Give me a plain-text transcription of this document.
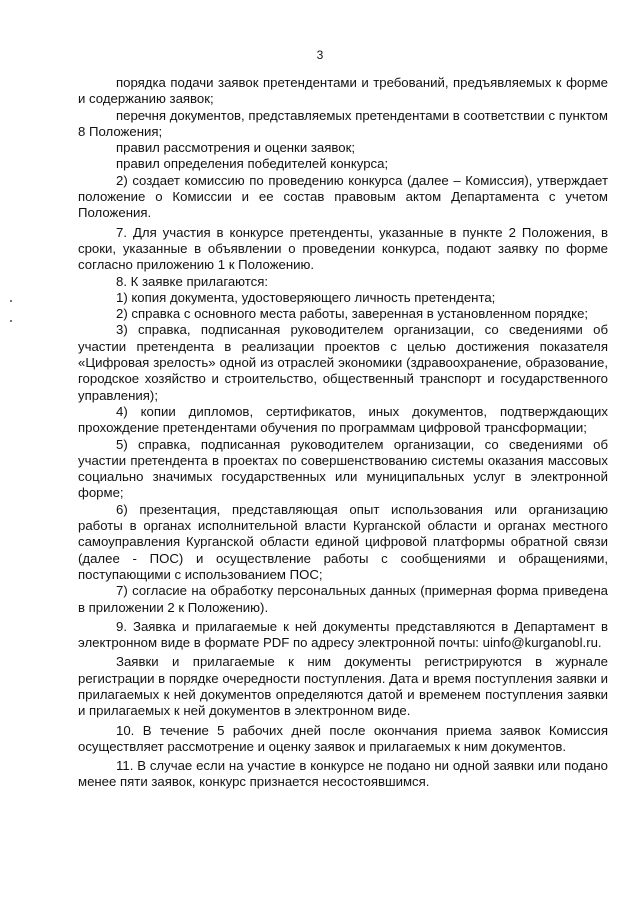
3

порядка подачи заявок претендентами и требований, предъявляемых к форме и содержанию заявок;

перечня документов, представляемых претендентами в соответствии с пунктом 8 Положения;

правил рассмотрения и оценки заявок;

правил определения победителей конкурса;

2) создает комиссию по проведению конкурса (далее – Комиссия), утверждает положение о Комиссии и ее состав правовым актом Департамента с учетом Положения.

7. Для участия в конкурсе претенденты, указанные в пункте 2 Положения, в сроки, указанные в объявлении о проведении конкурса, подают заявку по форме согласно приложению 1 к Положению.

8. К заявке прилагаются:

1) копия документа, удостоверяющего личность претендента;

2) справка с основного места работы, заверенная в установленном порядке;

3) справка, подписанная руководителем организации, со сведениями об участии претендента в реализации проектов с целью достижения показателя «Цифровая зрелость» одной из отраслей экономики (здравоохранение, образование, городское хозяйство и строительство, общественный транспорт и государственного управления);

4) копии дипломов, сертификатов, иных документов, подтверждающих прохождение претендентами обучения по программам цифровой трансформации;

5) справка, подписанная руководителем организации, со сведениями об участии претендента в проектах по совершенствованию системы оказания массовых социально значимых государственных или муниципальных услуг в электронной форме;

6) презентация, представляющая опыт использования или организацию работы в органах исполнительной власти Курганской области и органах местного самоуправления Курганской области единой цифровой платформы обратной связи (далее - ПОС) и осуществление работы с сообщениями и обращениями, поступающими с использованием ПОС;

7) согласие на обработку персональных данных (примерная форма приведена в приложении 2 к Положению).

9. Заявка и прилагаемые к ней документы представляются в Департамент в электронном виде в формате PDF по адресу электронной почты: uinfo@kurganobl.ru.

Заявки и прилагаемые к ним документы регистрируются в журнале регистрации в порядке очередности поступления. Дата и время поступления заявки и прилагаемых к ней документов определяются датой и временем поступления заявки и прилагаемых к ней документов в электронном виде.

10. В течение 5 рабочих дней после окончания приема заявок Комиссия осуществляет рассмотрение и оценку заявок и прилагаемых к ним документов.

11. В случае если на участие в конкурсе не подано ни одной заявки или подано менее пяти заявок, конкурс признается несостоявшимся.
